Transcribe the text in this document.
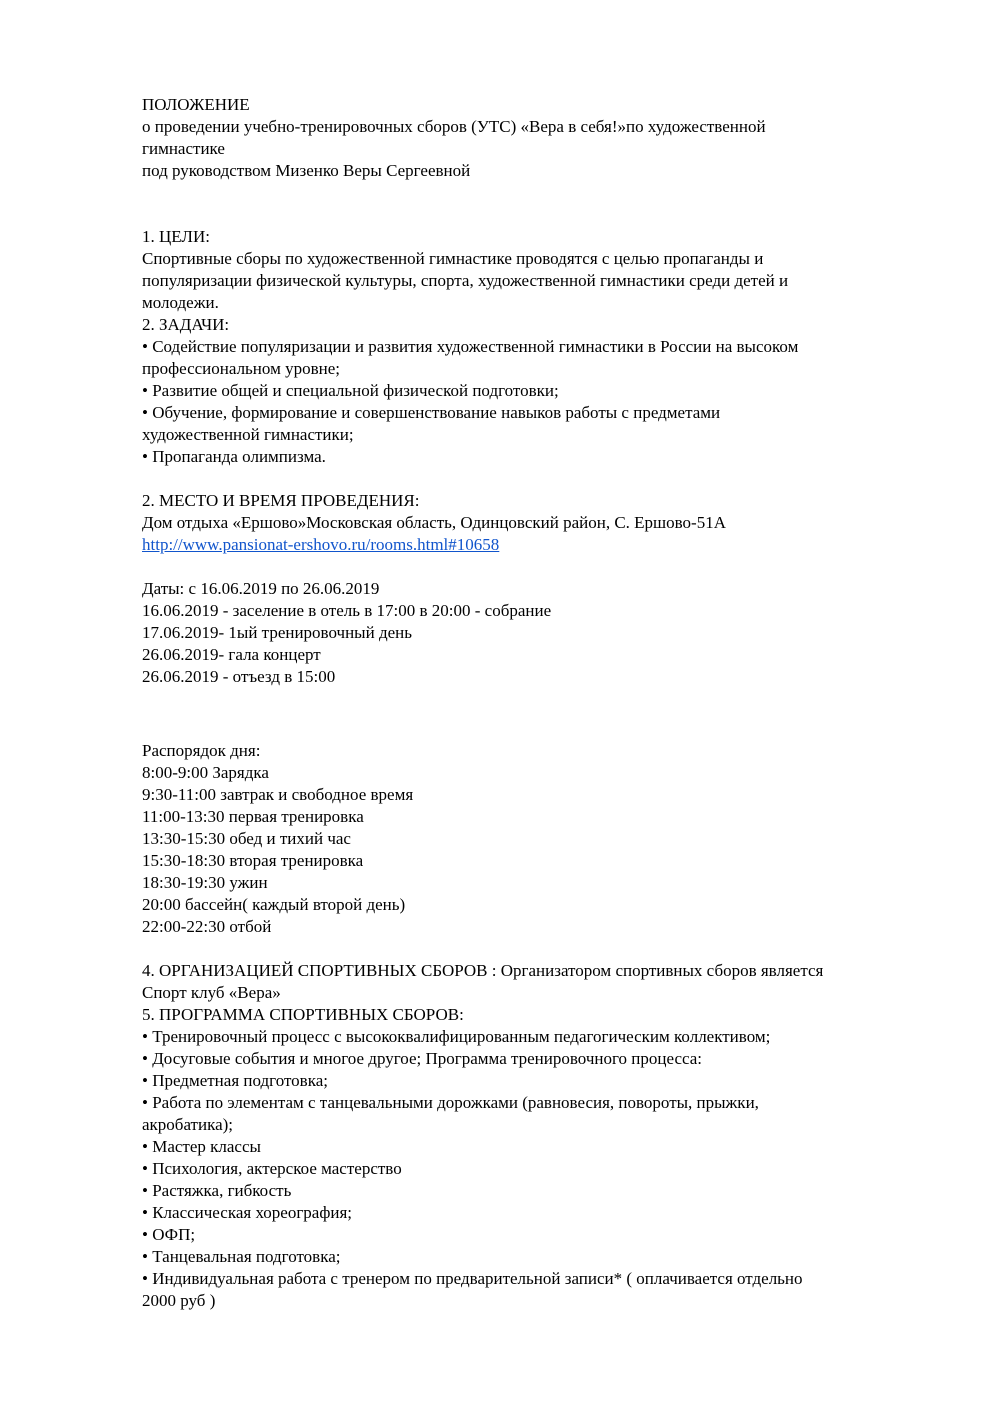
ПОЛОЖЕНИЕ
о проведении учебно-тренировочных сборов (УТС) «Вера в себя!»по художественной
гимнастике
под руководством Мизенко Веры Сергеевной
1. ЦЕЛИ:
Спортивные сборы по художественной гимнастике проводятся с целью пропаганды и
популяризации физической культуры, спорта, художественной гимнастики среди детей и
молодежи.
2. ЗАДАЧИ:
• Содействие популяризации и развития художественной гимнастики в России на высоком
профессиональном уровне;
• Развитие общей и специальной физической подготовки;
• Обучение, формирование и совершенствование навыков работы с предметами
художественной гимнастики;
• Пропаганда олимпизма.
2. МЕСТО И ВРЕМЯ ПРОВЕДЕНИЯ:
Дом отдыха «Ершово»Московская область, Одинцовский район, С. Ершово-51А
http://www.pansionat-ershovo.ru/rooms.html#10658
Даты: с 16.06.2019 по 26.06.2019
16.06.2019 - заселение в отель в 17:00 в 20:00 - собрание
17.06.2019- 1ый тренировочный день
26.06.2019- гала концерт
26.06.2019 - отъезд в 15:00
Распорядок дня:
8:00-9:00 Зарядка
9:30-11:00 завтрак и свободное время
11:00-13:30 первая тренировка
13:30-15:30 обед и тихий час
15:30-18:30 вторая тренировка
18:30-19:30 ужин
20:00 бассейн( каждый второй день)
22:00-22:30 отбой
4. ОРГАНИЗАЦИЕЙ СПОРТИВНЫХ СБОРОВ : Организатором спортивных сборов является
Спорт клуб «Вера»
5. ПРОГРАММА СПОРТИВНЫХ СБОРОВ:
• Тренировочный процесс с высококвалифицированным педагогическим коллективом;
• Досуговые события и многое другое; Программа тренировочного процесса:
• Предметная подготовка;
• Работа по элементам с танцевальными дорожками (равновесия, повороты, прыжки,
акробатика);
• Мастер классы
• Психология, актерское мастерство
• Растяжка, гибкость
• Классическая хореография;
• ОФП;
• Танцевальная подготовка;
• Индивидуальная работа с тренером по предварительной записи* ( оплачивается отдельно
2000 руб )
